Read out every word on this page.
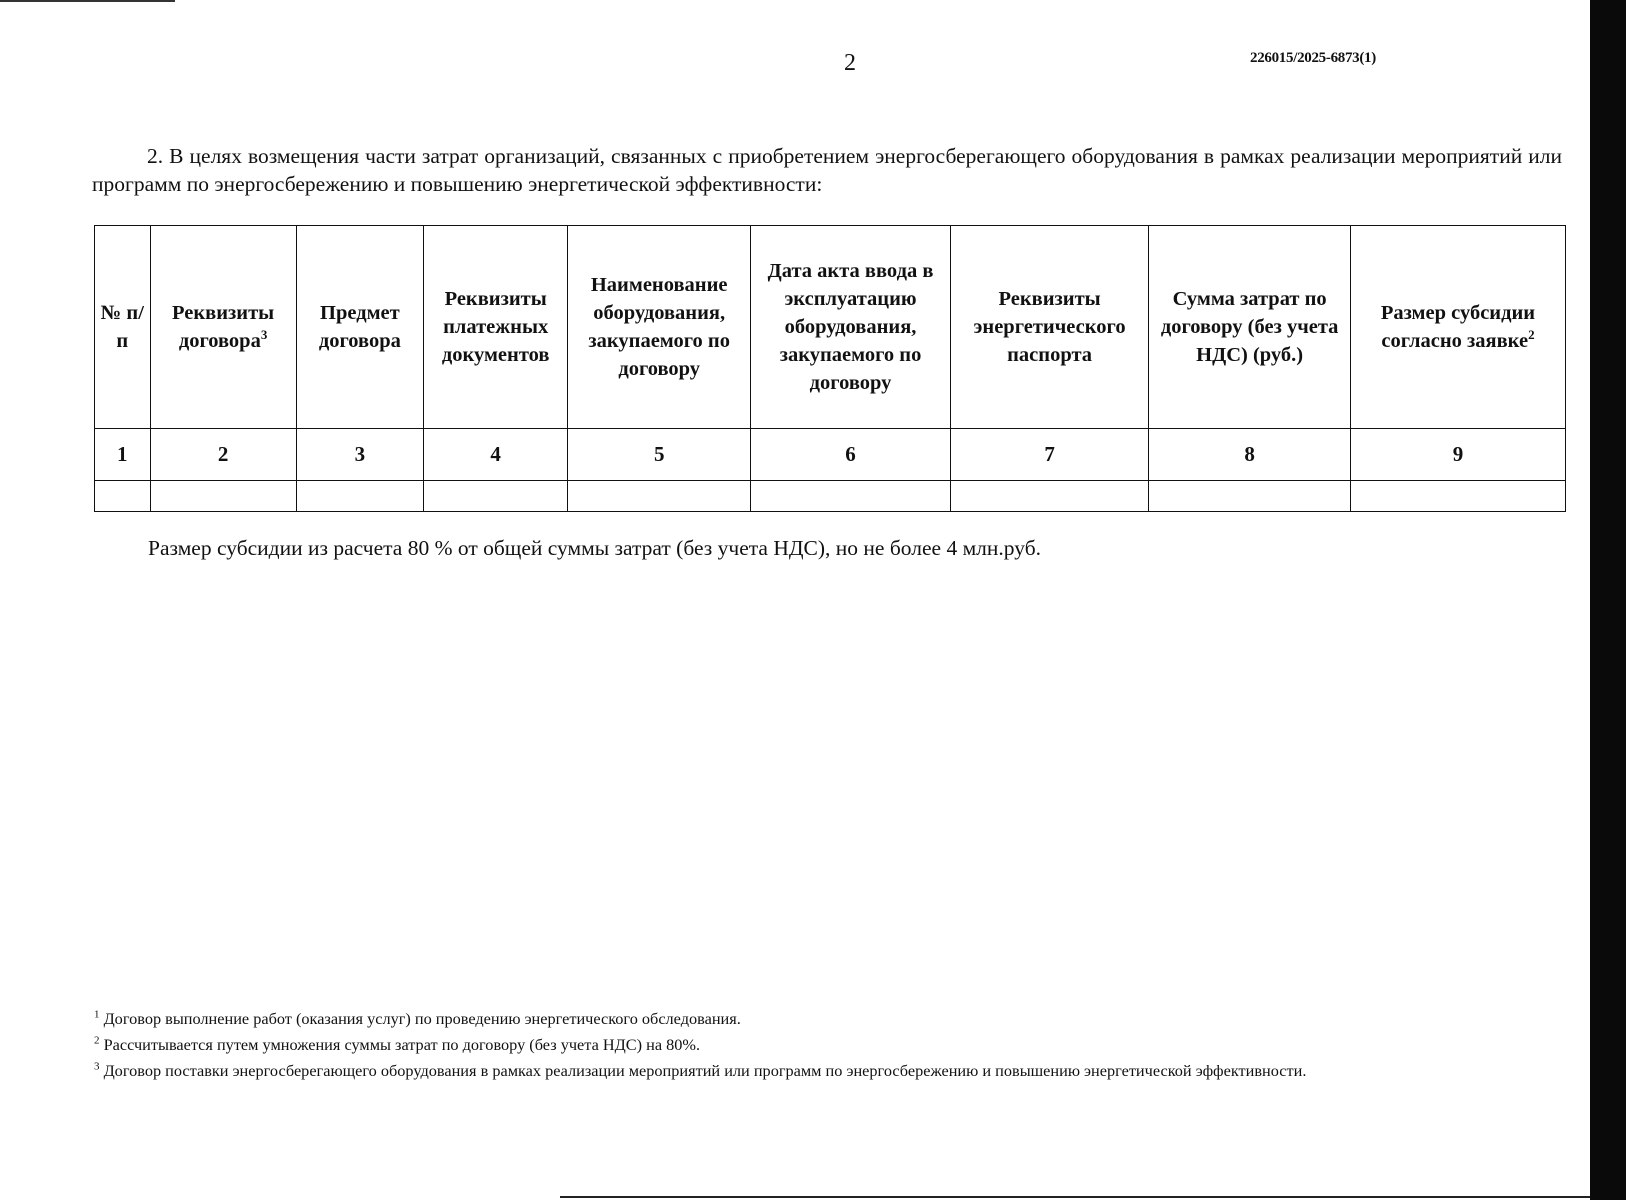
2	226015/2025-6873(1)

2. В целях возмещения части затрат организаций, связанных с приобретением энергосберегающего оборудования в рамках реализации мероприятий или программ по энергосбережению и повышению энергетической эффективности:

№ п/п	Реквизиты договора$^3$	Предмет договора	Реквизиты платежных документов	Наименование оборудования, закупаемого по договору	Дата акта ввода в эксплуатацию оборудования, закупаемого по договору	Реквизиты энергетического паспорта	Сумма затрат по договору (без учета НДС) (руб.)	Размер субсидии согласно заявке$^2$
1	2	3	4	5	6	7	8	9

Размер субсидии из расчета 80 % от общей суммы затрат (без учета НДС), но не более 4 млн.руб.

$^1$ Договор выполнение работ (оказания услуг) по проведению энергетического обследования.
$^2$ Рассчитывается путем умножения суммы затрат по договору (без учета НДС) на 80%.
$^3$ Договор поставки энергосберегающего оборудования в рамках реализации мероприятий или программ по энергосбережению и повышению энергетической эффективности.
